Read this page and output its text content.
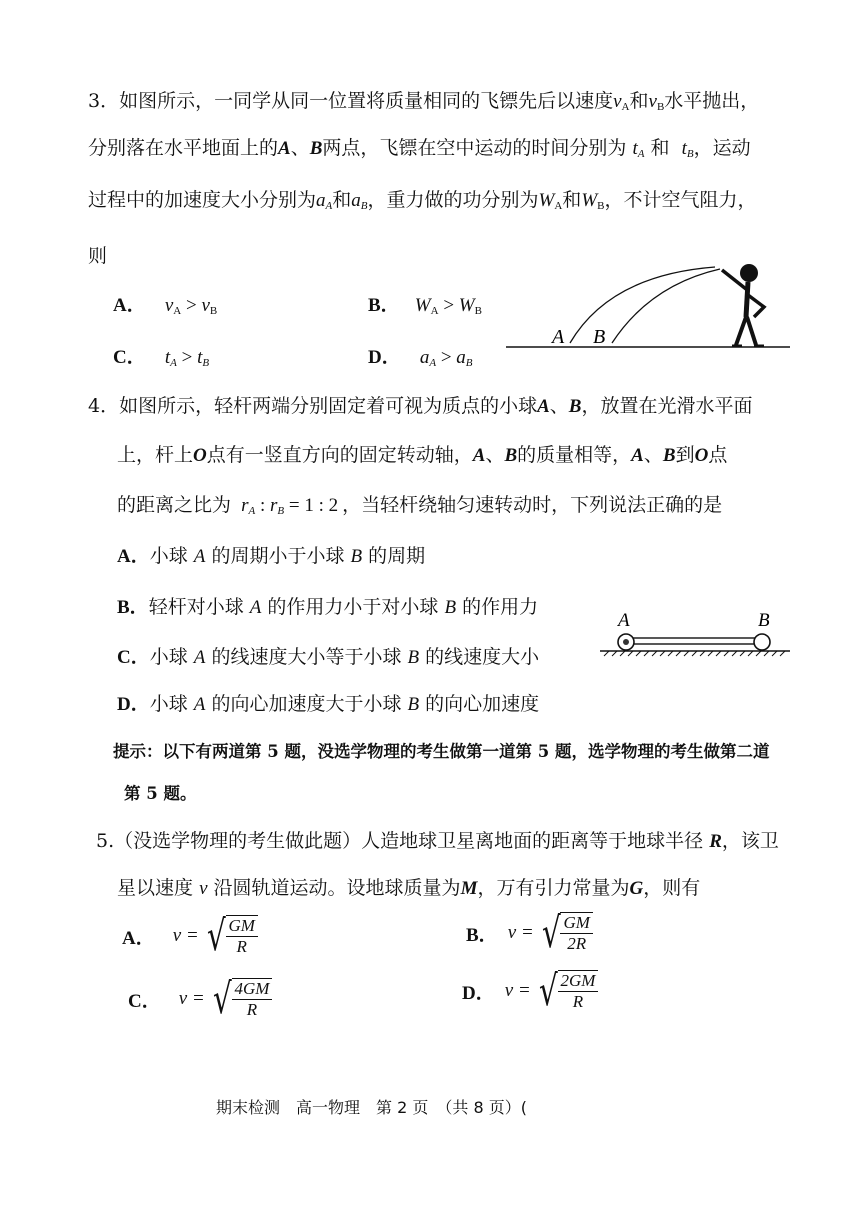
3．如图所示，一同学从同一位置将质量相同的飞镖先后以速度$v_A$和$v_B$水平抛出，
分别落在水平地面上的A、B两点，飞镖在空中运动的时间分别为 $t_A$ 和 $t_B$，运动
过程中的加速度大小分别为$a_A$和$a_B$，重力做的功分别为$W_A$和$W_B$，不计空气阻力，
则
A． $v_A > v_B$	B． $W_A > W_B$
C． $t_A > t_B$	D． $a_A > a_B$
A B
4．如图所示，轻杆两端分别固定着可视为质点的小球A、B，放置在光滑水平面
上，杆上O点有一竖直方向的固定转动轴，A、B的质量相等，A、B到O点
的距离之比为 $r_A$ : $r_B = 1$ : 2 ，当轻杆绕轴匀速转动时，下列说法正确的是
A．小球 A 的周期小于小球 B 的周期
B．轻杆对小球 A 的作用力小于对小球 B 的作用力
C．小球 A 的线速度大小等于小球 B 的线速度大小
D．小球 A 的向心加速度大于小球 B 的向心加速度
A	B
提示：以下有两道第 5 题，没选学物理的考生做第一道第 5 题，选学物理的考生做第二道
第 5 题。
5.（没选学物理的考生做此题）人造地球卫星离地面的距离等于地球半径 R，该卫
星以速度 v 沿圆轨道运动。设地球质量为M，万有引力常量为G，则有
A． v = √ $\frac{GM}{R}$	B． v = √ $\frac{GM}{2R}$
C． v = √ $\frac{4GM}{R}$	D． v = √ $\frac{2GM}{R}$
期末检测　高一物理　第 2 页　（共 8 页）(
